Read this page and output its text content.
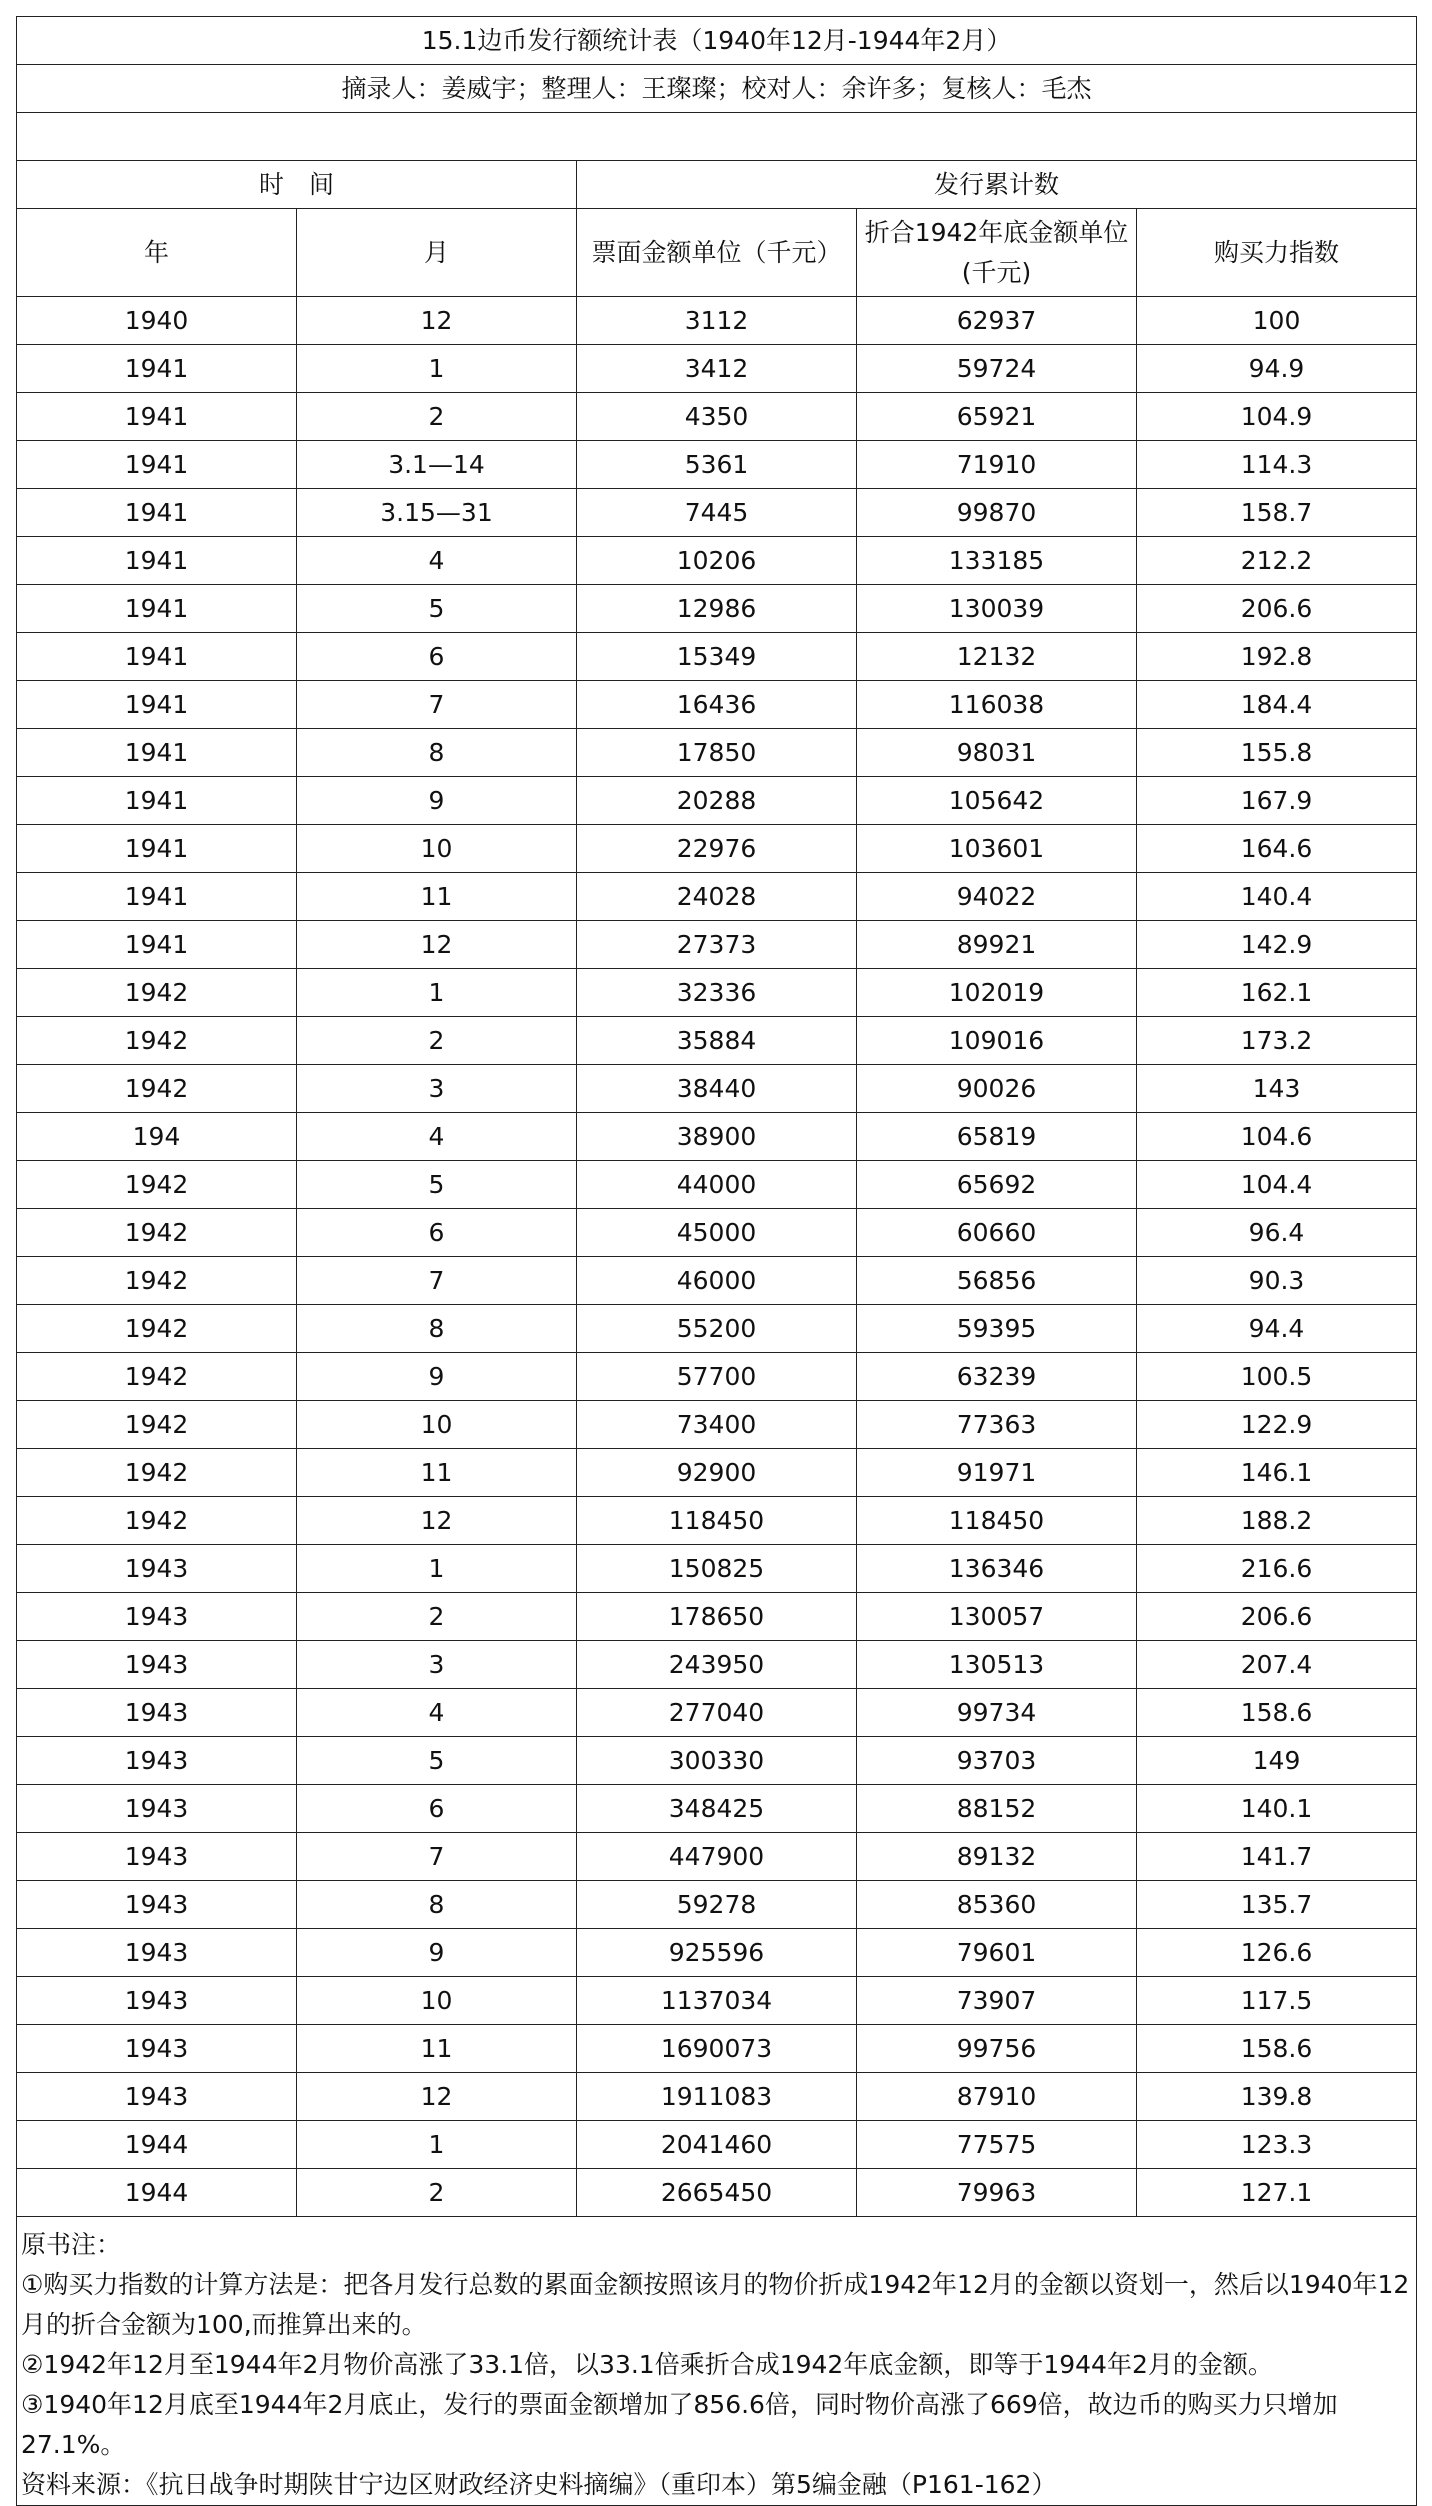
15.1边币发行额统计表（1940年12月-1944年2月）				
摘录人：姜威宇；整理人：王璨璨；校对人：余许多；复核人：毛杰				

时　间		发行累计数		
年	月	票面金额单位（千元）	折合1942年底金额单位(千元)	购买力指数
1940	12	3112	62937	100
1941	1	3412	59724	94.9
1941	2	4350	65921	104.9
1941	3.1—14	5361	71910	114.3
1941	3.15—31	7445	99870	158.7
1941	4	10206	133185	212.2
1941	5	12986	130039	206.6
1941	6	15349	12132	192.8
1941	7	16436	116038	184.4
1941	8	17850	98031	155.8
1941	9	20288	105642	167.9
1941	10	22976	103601	164.6
1941	11	24028	94022	140.4
1941	12	27373	89921	142.9
1942	1	32336	102019	162.1
1942	2	35884	109016	173.2
1942	3	38440	90026	143
194	4	38900	65819	104.6
1942	5	44000	65692	104.4
1942	6	45000	60660	96.4
1942	7	46000	56856	90.3
1942	8	55200	59395	94.4
1942	9	57700	63239	100.5
1942	10	73400	77363	122.9
1942	11	92900	91971	146.1
1942	12	118450	118450	188.2
1943	1	150825	136346	216.6
1943	2	178650	130057	206.6
1943	3	243950	130513	207.4
1943	4	277040	99734	158.6
1943	5	300330	93703	149
1943	6	348425	88152	140.1
1943	7	447900	89132	141.7
1943	8	59278	85360	135.7
1943	9	925596	79601	126.6
1943	10	1137034	73907	117.5
1943	11	1690073	99756	158.6
1943	12	1911083	87910	139.8
1944	1	2041460	77575	123.3
1944	2	2665450	79963	127.1

原书注：
①购买力指数的计算方法是：把各月发行总数的累面金额按照该月的物价折成1942年12月的金额以资划一，然后以1940年12月的折合金额为100,而推算出来的。
②1942年12月至1944年2月物价高涨了33.1倍，以33.1倍乘折合成1942年底金额，即等于1944年2月的金额。
③1940年12月底至1944年2月底止，发行的票面金额增加了856.6倍，同时物价高涨了669倍，故边币的购买力只增加27.1%。
资料来源：《抗日战争时期陕甘宁边区财政经济史料摘编》（重印本）第5编金融（P161-162）				
